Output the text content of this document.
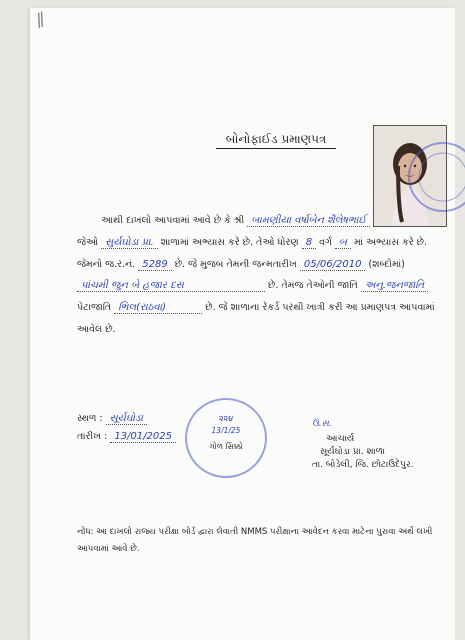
//
બોનોફાઈડ પ્રમાણપત્ર
આથી દાખલો આપવામાં આવે છે કે શ્રી બામણીયા વર્ષાબેન શૈલેષભાઈ
જેઓ સુર્યઘોડા પ્રા. શાળામાં અભ્યાસ કરે છે. તેઓ ધોરણ 8 વર્ગ બ માં અભ્યાસ કરે છે.
જેમનો જ.ર.નં. 5289 છે. જે મુજબ તેમની જન્મતારીખ 05/06/2010 (શબ્દોમાં)
પાંચમી જુન બે હજાર દસ	છે. તેમજ તેઓની જાતિ અનુ.જનજાતિ
પેટાજાતિ ભિલ(રાઠવા)	છે. જે શાળાના રેકર્ડ પરથી ખાત્રી કરી આ પ્રમાણપત્ર આપવામાં
આવેલ છે.
સ્થળ : સૂર્યઘોડા
તારીખ : 13/01/2025
૨૨૪
13/1/25
ગોળ સિક્કો
ઉ.સ.
આચાર્ય
સૂર્યઘોડા પ્રા. શાળા
તા. બોડેલી, જિ. છોટાઉદેપુર.
નોંધ: આ દાખલો રાજ્ય પરીક્ષા બોર્ડ દ્વારા લેવાતી NMMS પરીક્ષાના આવેદન કરવા માટેના પુરાવા અર્થે લખી આપવામાં આવે છે.
